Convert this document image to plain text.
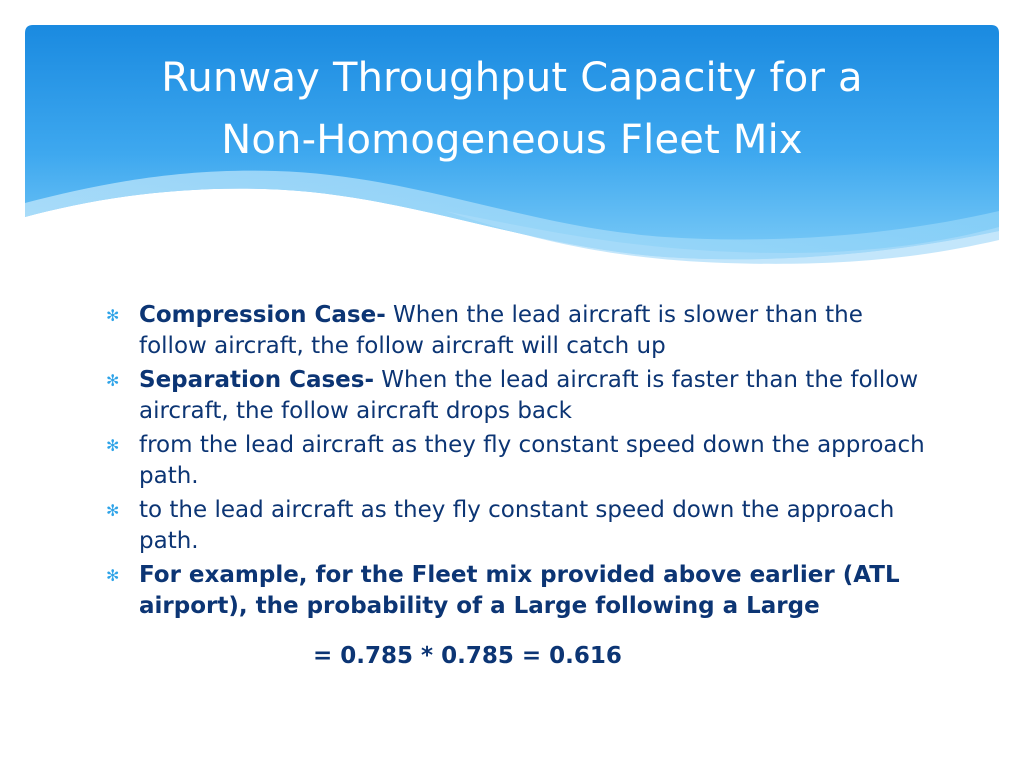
Runway Throughput Capacity for a
Non-Homogeneous Fleet Mix
✻ Compression Case- When the lead aircraft is slower than the follow aircraft, the follow aircraft will catch up
✻ Separation Cases- When the lead aircraft is faster than the follow aircraft, the follow aircraft drops back
✻ from the lead aircraft as they fly constant speed down the approach path.
✻ to the lead aircraft as they fly constant speed down the approach path.
✻ For example, for the Fleet mix provided above earlier (ATL airport), the probability of a Large following a Large
= 0.785 * 0.785 = 0.616
